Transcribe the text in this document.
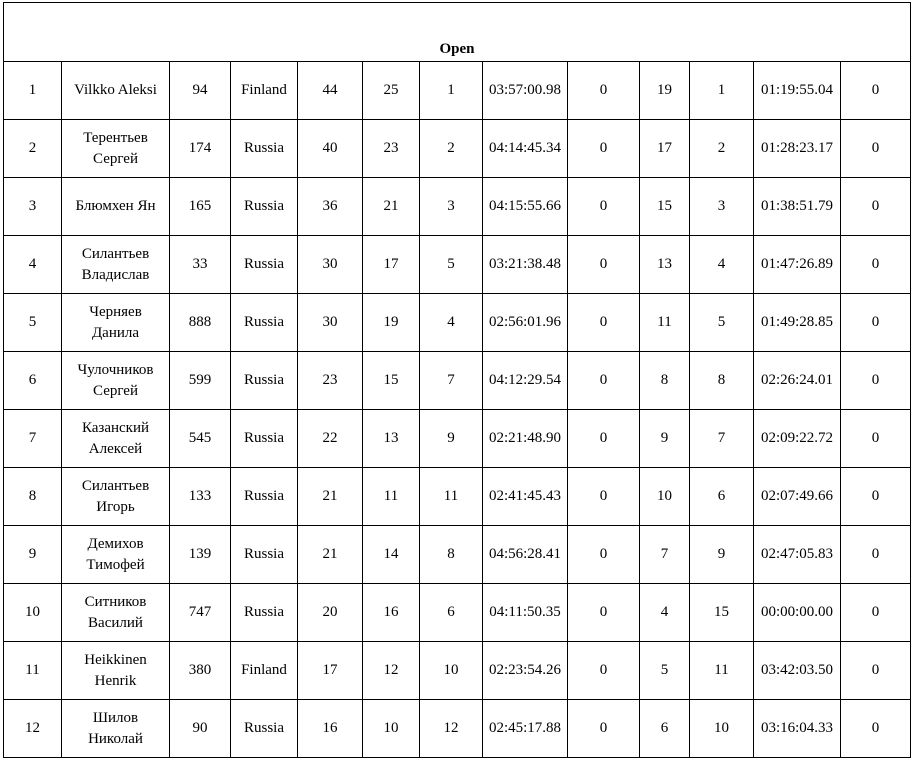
Open												
1	Vilkko Aleksi	94	Finland	44	25	1	03:57:00.98	0	19	1	01:19:55.04	0
2	Терентьев Сергей	174	Russia	40	23	2	04:14:45.34	0	17	2	01:28:23.17	0
3	Блюмхен Ян	165	Russia	36	21	3	04:15:55.66	0	15	3	01:38:51.79	0
4	Силантьев Владислав	33	Russia	30	17	5	03:21:38.48	0	13	4	01:47:26.89	0
5	Черняев Данила	888	Russia	30	19	4	02:56:01.96	0	11	5	01:49:28.85	0
6	Чулочников Сергей	599	Russia	23	15	7	04:12:29.54	0	8	8	02:26:24.01	0
7	Казанский Алексей	545	Russia	22	13	9	02:21:48.90	0	9	7	02:09:22.72	0
8	Силантьев Игорь	133	Russia	21	11	11	02:41:45.43	0	10	6	02:07:49.66	0
9	Демихов Тимофей	139	Russia	21	14	8	04:56:28.41	0	7	9	02:47:05.83	0
10	Ситников Василий	747	Russia	20	16	6	04:11:50.35	0	4	15	00:00:00.00	0
11	Heikkinen Henrik	380	Finland	17	12	10	02:23:54.26	0	5	11	03:42:03.50	0
12	Шилов Николай	90	Russia	16	10	12	02:45:17.88	0	6	10	03:16:04.33	0
